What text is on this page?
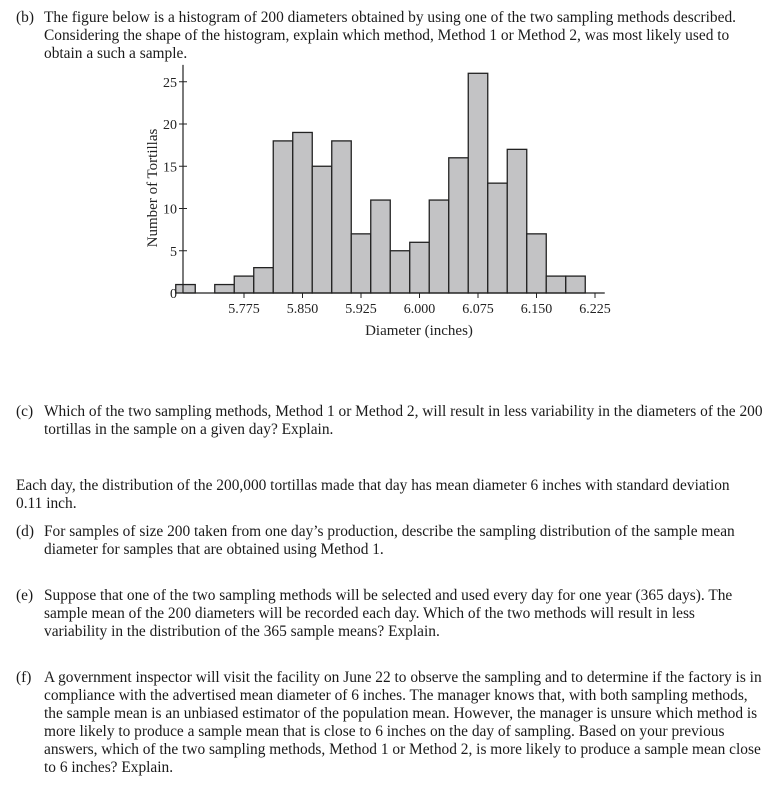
(b) The figure below is a histogram of 200 diameters obtained by using one of the two sampling methods described. Considering the shape of the histogram, explain which method, Method 1 or Method 2, was most likely used to obtain a such a sample.
0
5
10
15
20
25
5.775 5.850 5.925 6.000 6.075 6.150 6.225
Diameter (inches)
Number of Tortillas
(c) Which of the two sampling methods, Method 1 or Method 2, will result in less variability in the diameters of the 200 tortillas in the sample on a given day? Explain.
Each day, the distribution of the 200,000 tortillas made that day has mean diameter 6 inches with standard deviation 0.11 inch.
(d) For samples of size 200 taken from one day’s production, describe the sampling distribution of the sample mean diameter for samples that are obtained using Method 1.
(e) Suppose that one of the two sampling methods will be selected and used every day for one year (365 days). The sample mean of the 200 diameters will be recorded each day. Which of the two methods will result in less variability in the distribution of the 365 sample means? Explain.
(f) A government inspector will visit the facility on June 22 to observe the sampling and to determine if the factory is in compliance with the advertised mean diameter of 6 inches. The manager knows that, with both sampling methods, the sample mean is an unbiased estimator of the population mean. However, the manager is unsure which method is more likely to produce a sample mean that is close to 6 inches on the day of sampling. Based on your previous answers, which of the two sampling methods, Method 1 or Method 2, is more likely to produce a sample mean close to 6 inches? Explain.
